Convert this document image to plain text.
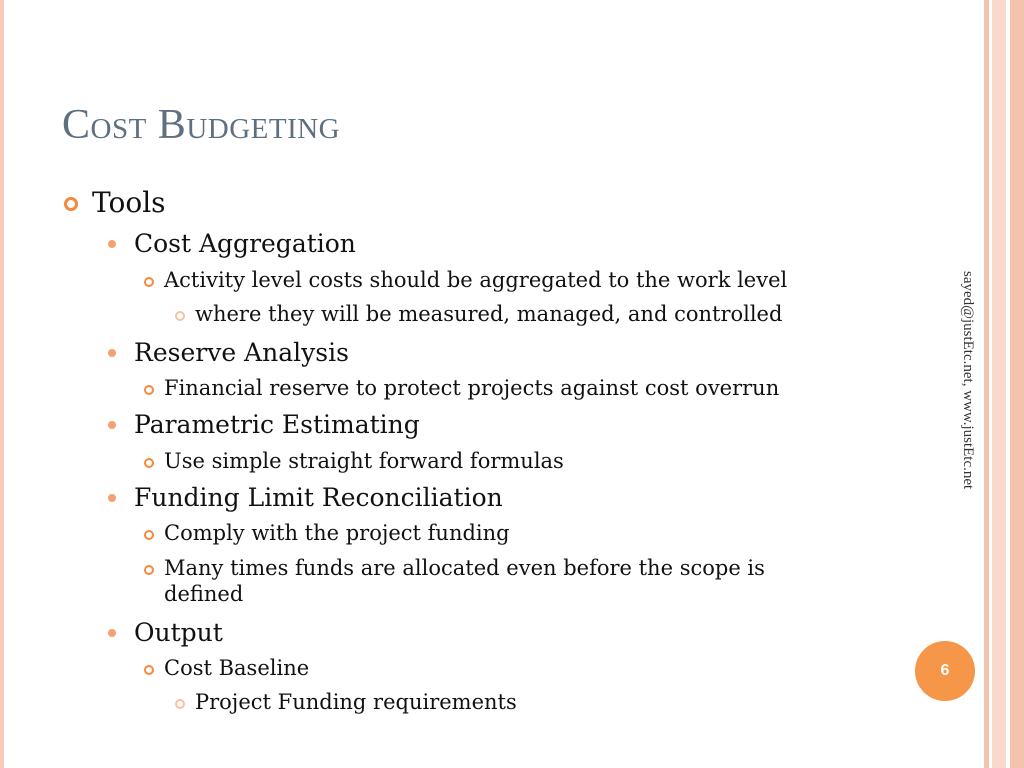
Cost Budgeting
Tools
Cost Aggregation
Activity level costs should be aggregated to the work level
where they will be measured, managed, and controlled
Reserve Analysis
Financial reserve to protect projects against cost overrun
Parametric Estimating
Use simple straight forward formulas
Funding Limit Reconciliation
Comply with the project funding
Many times funds are allocated even before the scope is
defined
Output
Cost Baseline
Project Funding requirements
sayed@justEtc.net, www.justEtc.net
6
